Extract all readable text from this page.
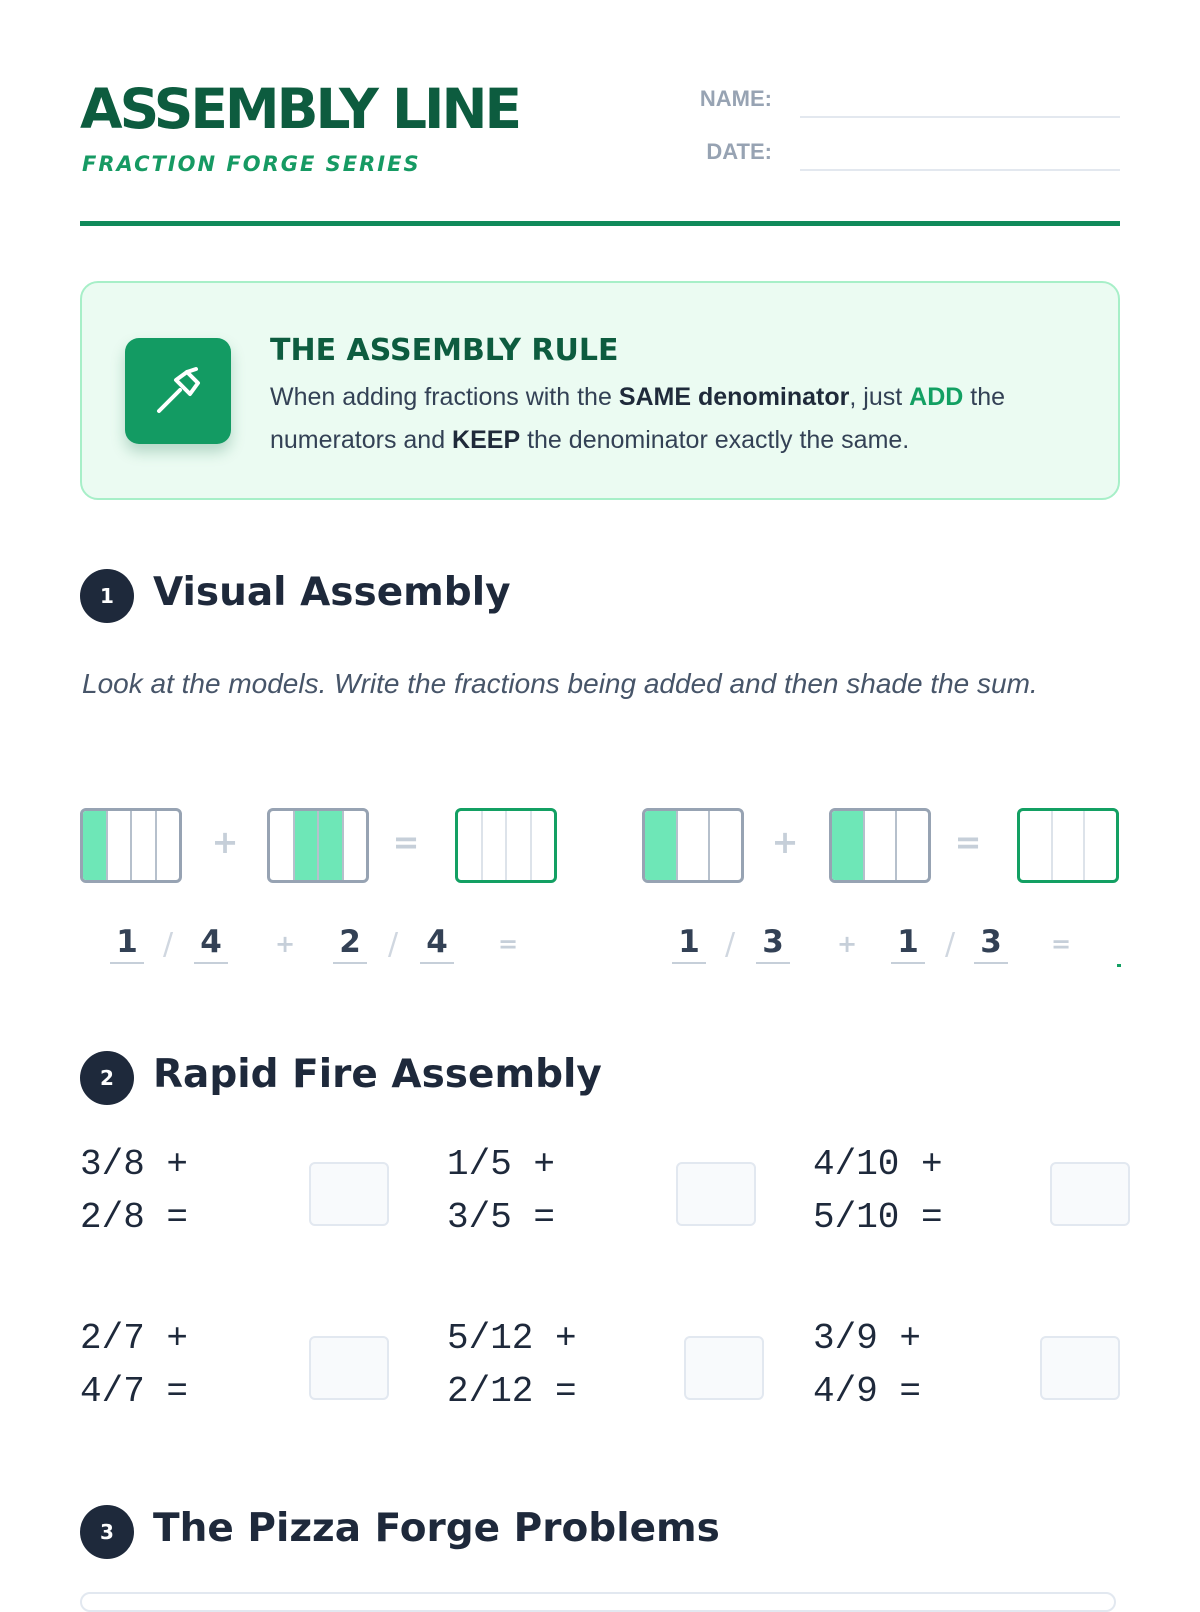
ASSEMBLY LINE
FRACTION FORGE SERIES
NAME:
DATE:
THE ASSEMBLY RULE
When adding fractions with the SAME denominator, just ADD the numerators and KEEP the denominator exactly the same.
1	Visual Assembly
Look at the models. Write the fractions being added and then shade the sum.
+	=	+	=
1 / 4 + 2 / 4 =	1 / 3 + 1 / 3 =
2	Rapid Fire Assembly
3/8 +
2/8 =
1/5 +
3/5 =
4/10 +
5/10 =
2/7 +
4/7 =
5/12 +
2/12 =
3/9 +
4/9 =
3	The Pizza Forge Problems
